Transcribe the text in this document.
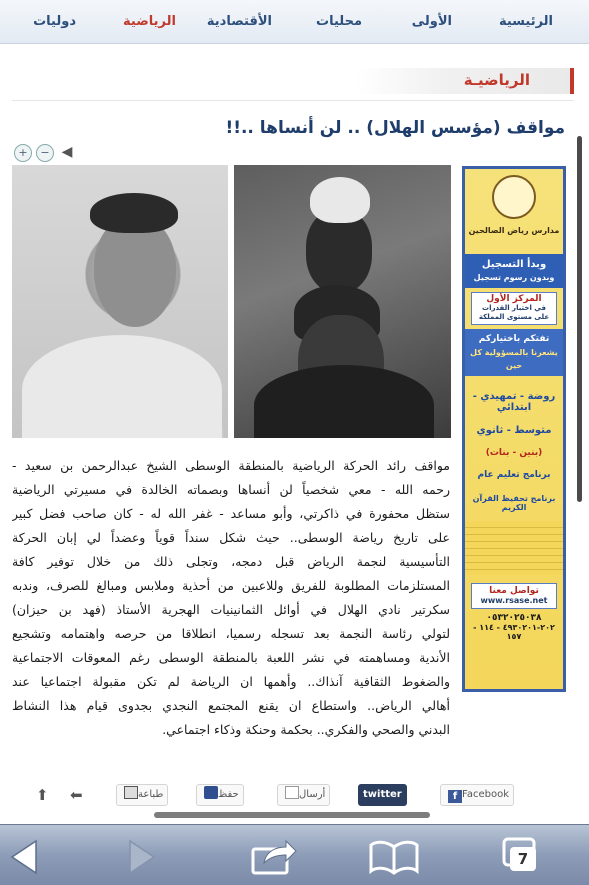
الرئيسية
الأولى
محليات
الأقتصادية
الرياضية
دوليات
الرياضيـة
مواقف (مؤسس الهلال) .. لن أنساها ..!!
+	− ◀
مدارس رياض الصالحين
وبدأ التسجيل
وبدون رسوم تسجيل
المركز الأول
في اختبار القدرات على مستوى المملكة
تفتكم باختياركم
يشعرنا بالمسؤولية كل حين
روضة - تمهيدي - ابتدائي
متوسط - ثانوي
(بنين - بنات)
برنامج تعليم عام
برنامج تحفيظ القرآن الكريم
تواصل معنا
www.rsase.net
٠٥٣٢٠٢٥٠٣٨
٢٠٢-٤٩٣٠٢٠١ - ١١٤ - ١٥٧
مواقف رائد الحركة الرياضية بالمنطقة الوسطى الشيخ عبدالرحمن بن سعيد -
رحمه الله - معي شخصياً لن أنساها وبصماته الخالدة في مسيرتي الرياضية
ستظل محفورة في ذاكرتي، وأبو مساعد - غفر الله له - كان صاحب فضل كبير
على تاريخ رياضة الوسطى.. حيث شكل سنداً قوياً وعضداً لي إبان الحركة
التأسيسية لنجمة الرياض قبل دمجه، وتجلى ذلك من خلال توفير كافة
المستلزمات المطلوبة للفريق وللاعبين من أحذية وملابس ومبالغ للصرف، وندبه
سكرتير نادي الهلال في أوائل الثمانينيات الهجرية الأستاذ (فهد بن حيزان)
لتولي رئاسة النجمة بعد تسجله رسميا، انطلاقا من حرصه واهتمامه وتشجيع
الأندية ومساهمته في نشر اللعبة بالمنطقة الوسطى رغم المعوقات الاجتماعية
والضغوط الثقافية آنذاك.. وأهمها ان الرياضة لم تكن مقبولة اجتماعيا عند
أهالي الرياض.. واستطاع ان يقنع المجتمع النجدي بجدوى قيام هذا النشاط
البدني والصحي والفكري.. بحكمة وحنكة وذكاء اجتماعي.
⬆ ⬅	طباعة	حفظ	أرسال	twitter	f Facebook
7
